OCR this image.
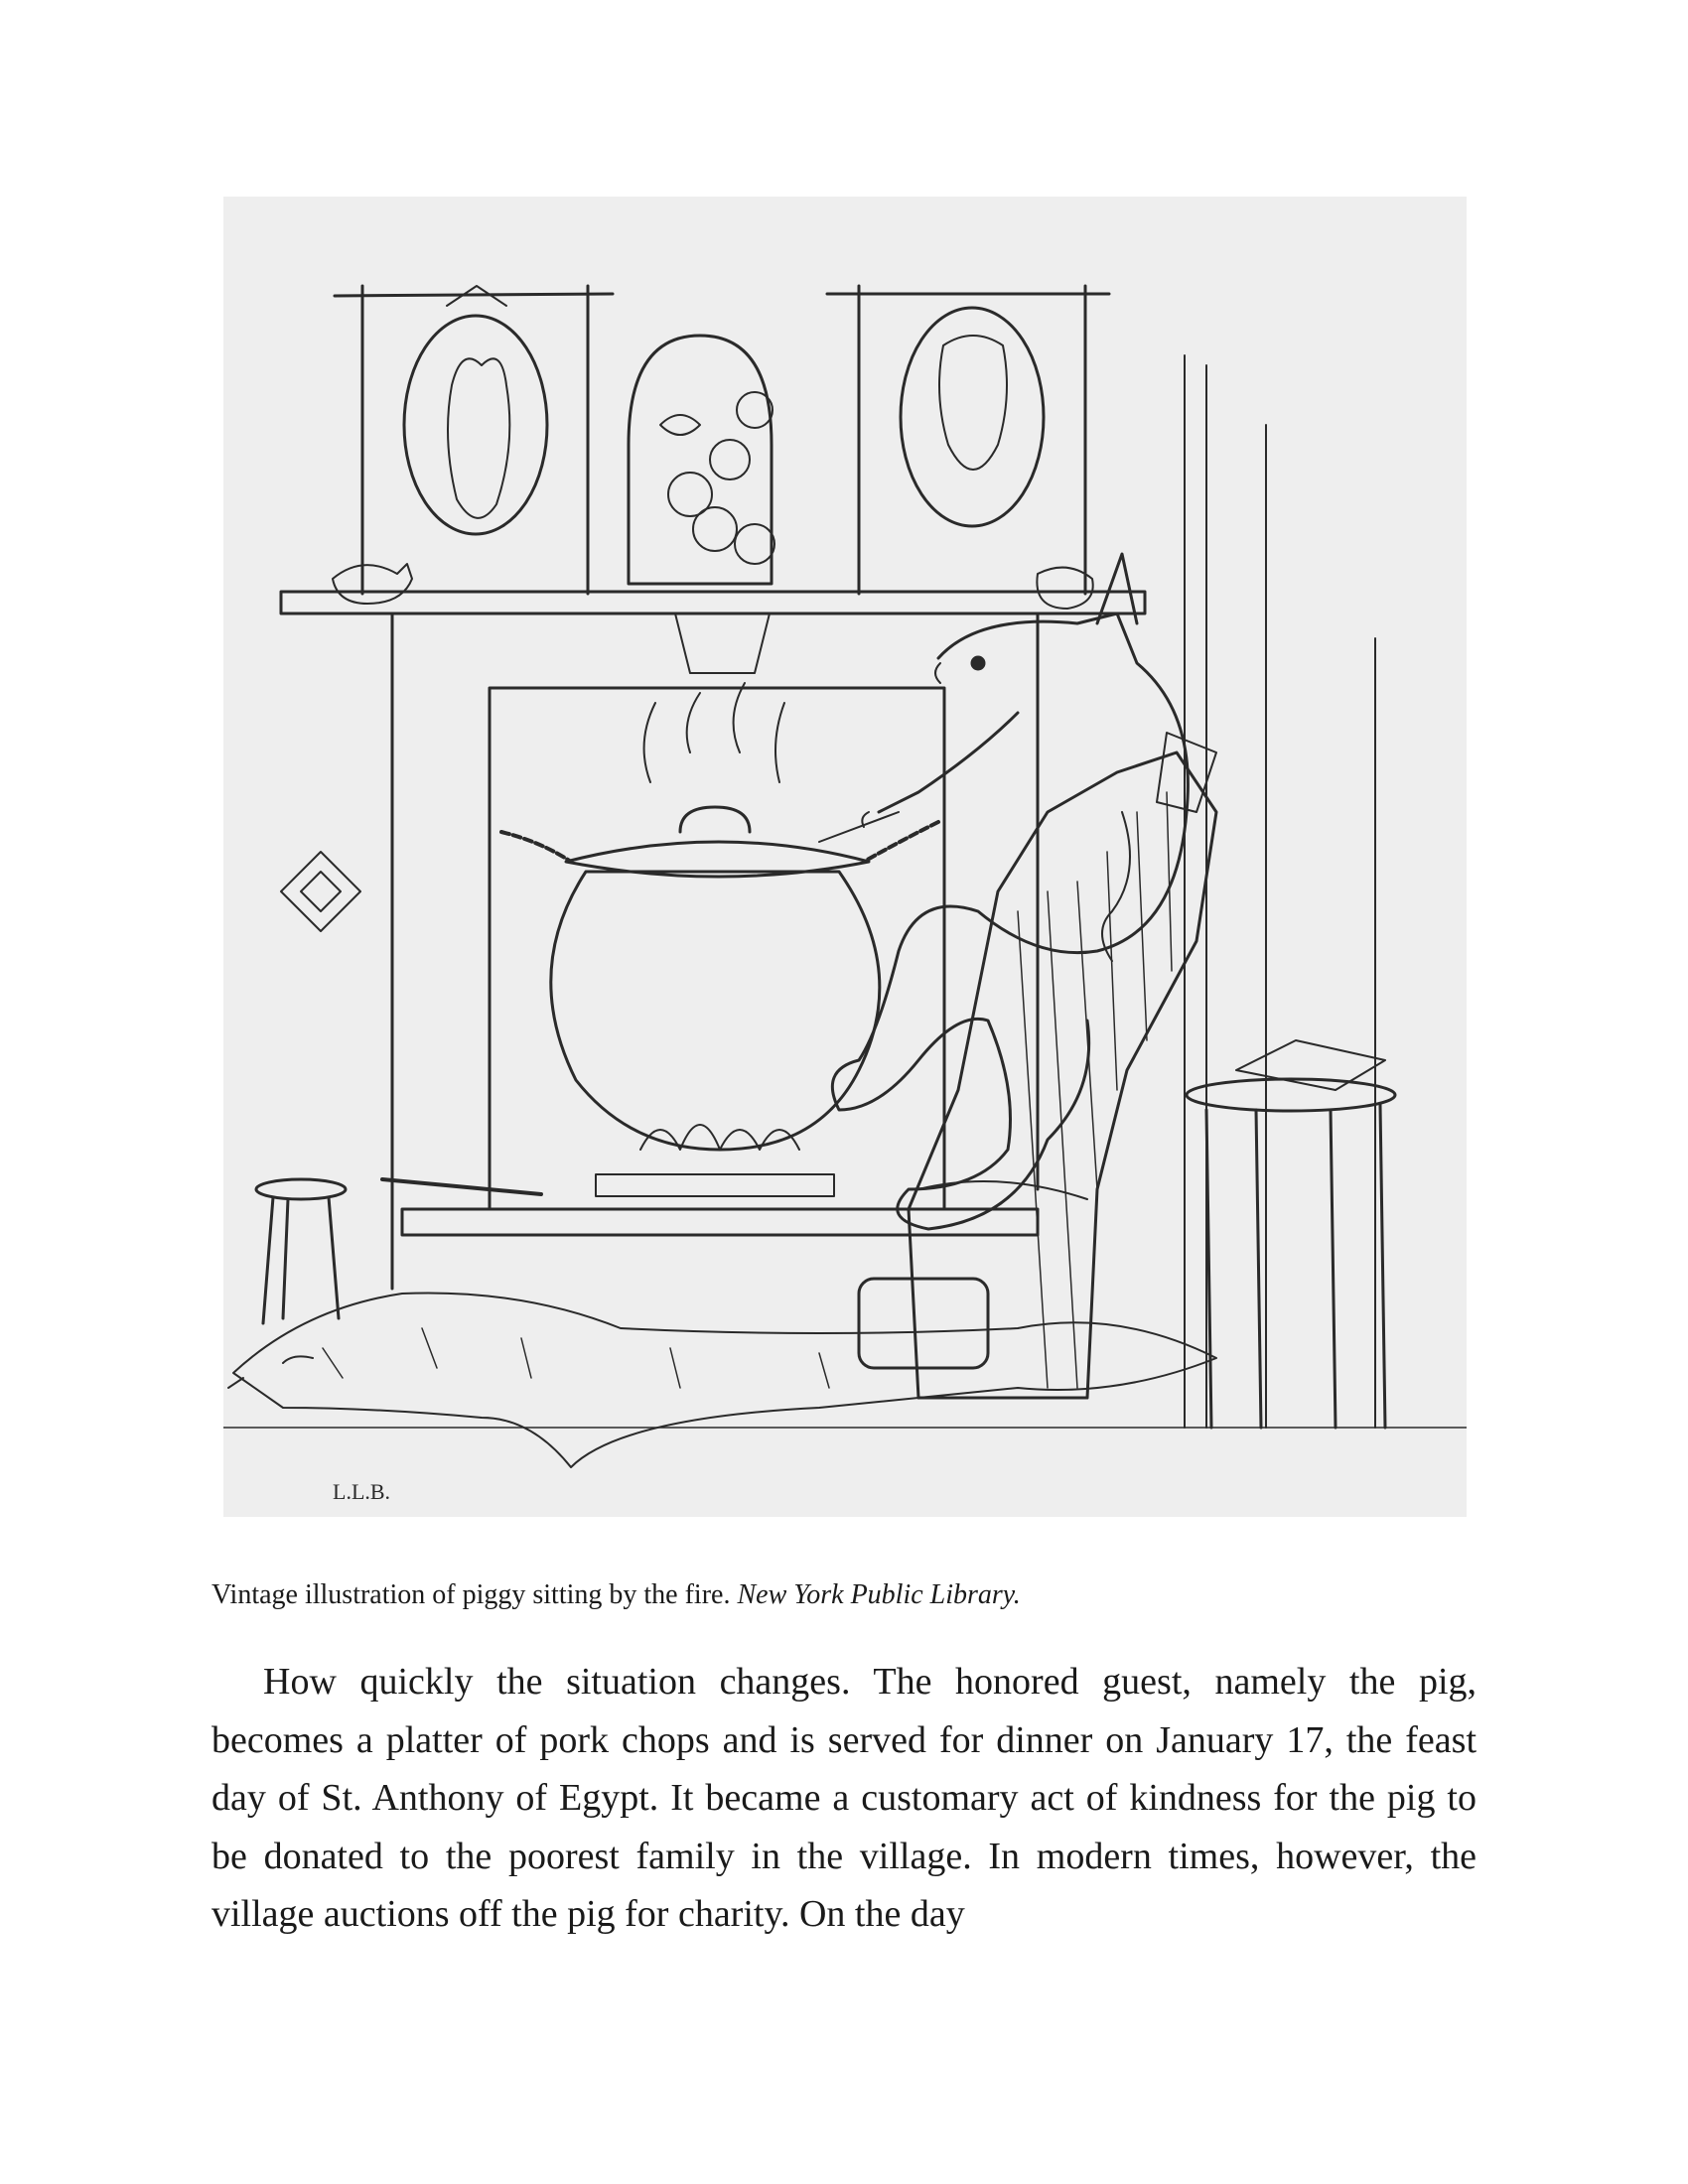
L.L.B.

Vintage illustration of piggy sitting by the fire. New York Public Library.

How quickly the situation changes. The honored guest, namely the pig, becomes a platter of pork chops and is served for dinner on January 17, the feast day of St. Anthony of Egypt. It became a customary act of kindness for the pig to be donated to the poorest family in the village. In modern times, however, the village auctions off the pig for charity. On the day
